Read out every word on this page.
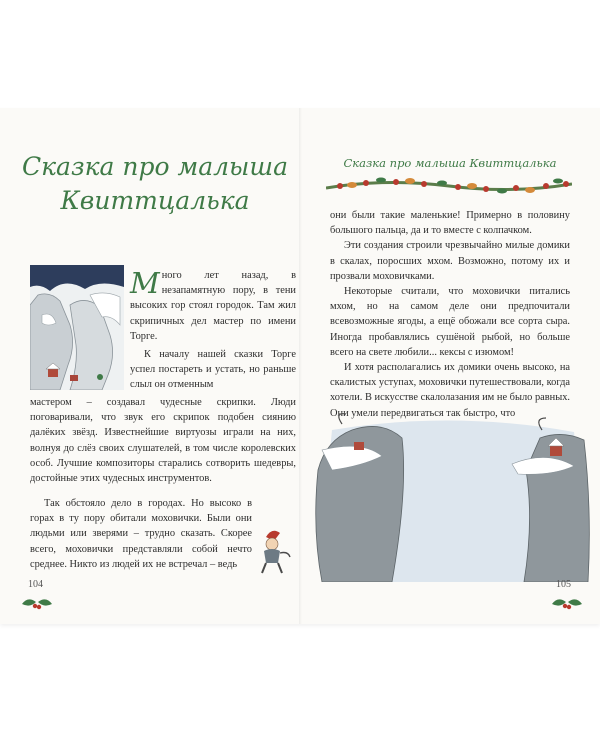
Сказка про малыша
Квиттцалька

Много лет назад, в незапамятную пору, в тени высоких гор стоял городок. Там жил скрипичных дел мастер по имени Торге.

К началу нашей сказки Торге успел постареть и устать, но раньше слыл он отменным

мастером – создавал чудесные скрипки. Люди поговаривали, что звук его скрипок подобен сиянию далёких звёзд. Известнейшие виртуозы играли на них, волнуя до слёз своих слушателей, в том числе королевских особ. Лучшие композиторы старались сотворить шедевры, достойные этих чудесных инструментов.

Так обстояло дело в городах. Но высоко в горах в ту пору обитали моховички. Были они людьми или зверями – трудно сказать. Скорее всего, моховички представляли собой нечто среднее. Никто из людей их не встречал – ведь

104
Сказка про малыша Квиттцалька

они были такие маленькие! Примерно в половину большого пальца, да и то вместе с колпачком.

Эти создания строили чрезвычайно милые домики в скалах, поросших мхом. Возможно, потому их и прозвали моховичками.

Некоторые считали, что моховички питались мхом, но на самом деле они предпочитали всевозможные ягоды, а ещё обожали все сорта сыра. Иногда пробавлялись сушёной рыбой, но больше всего на свете любили... кексы с изюмом!

И хотя располагались их домики очень высоко, на скалистых уступах, моховички путешествовали, когда хотели. В искусстве скалолазания им не было равных. Они умели передвигаться так быстро, что

105
